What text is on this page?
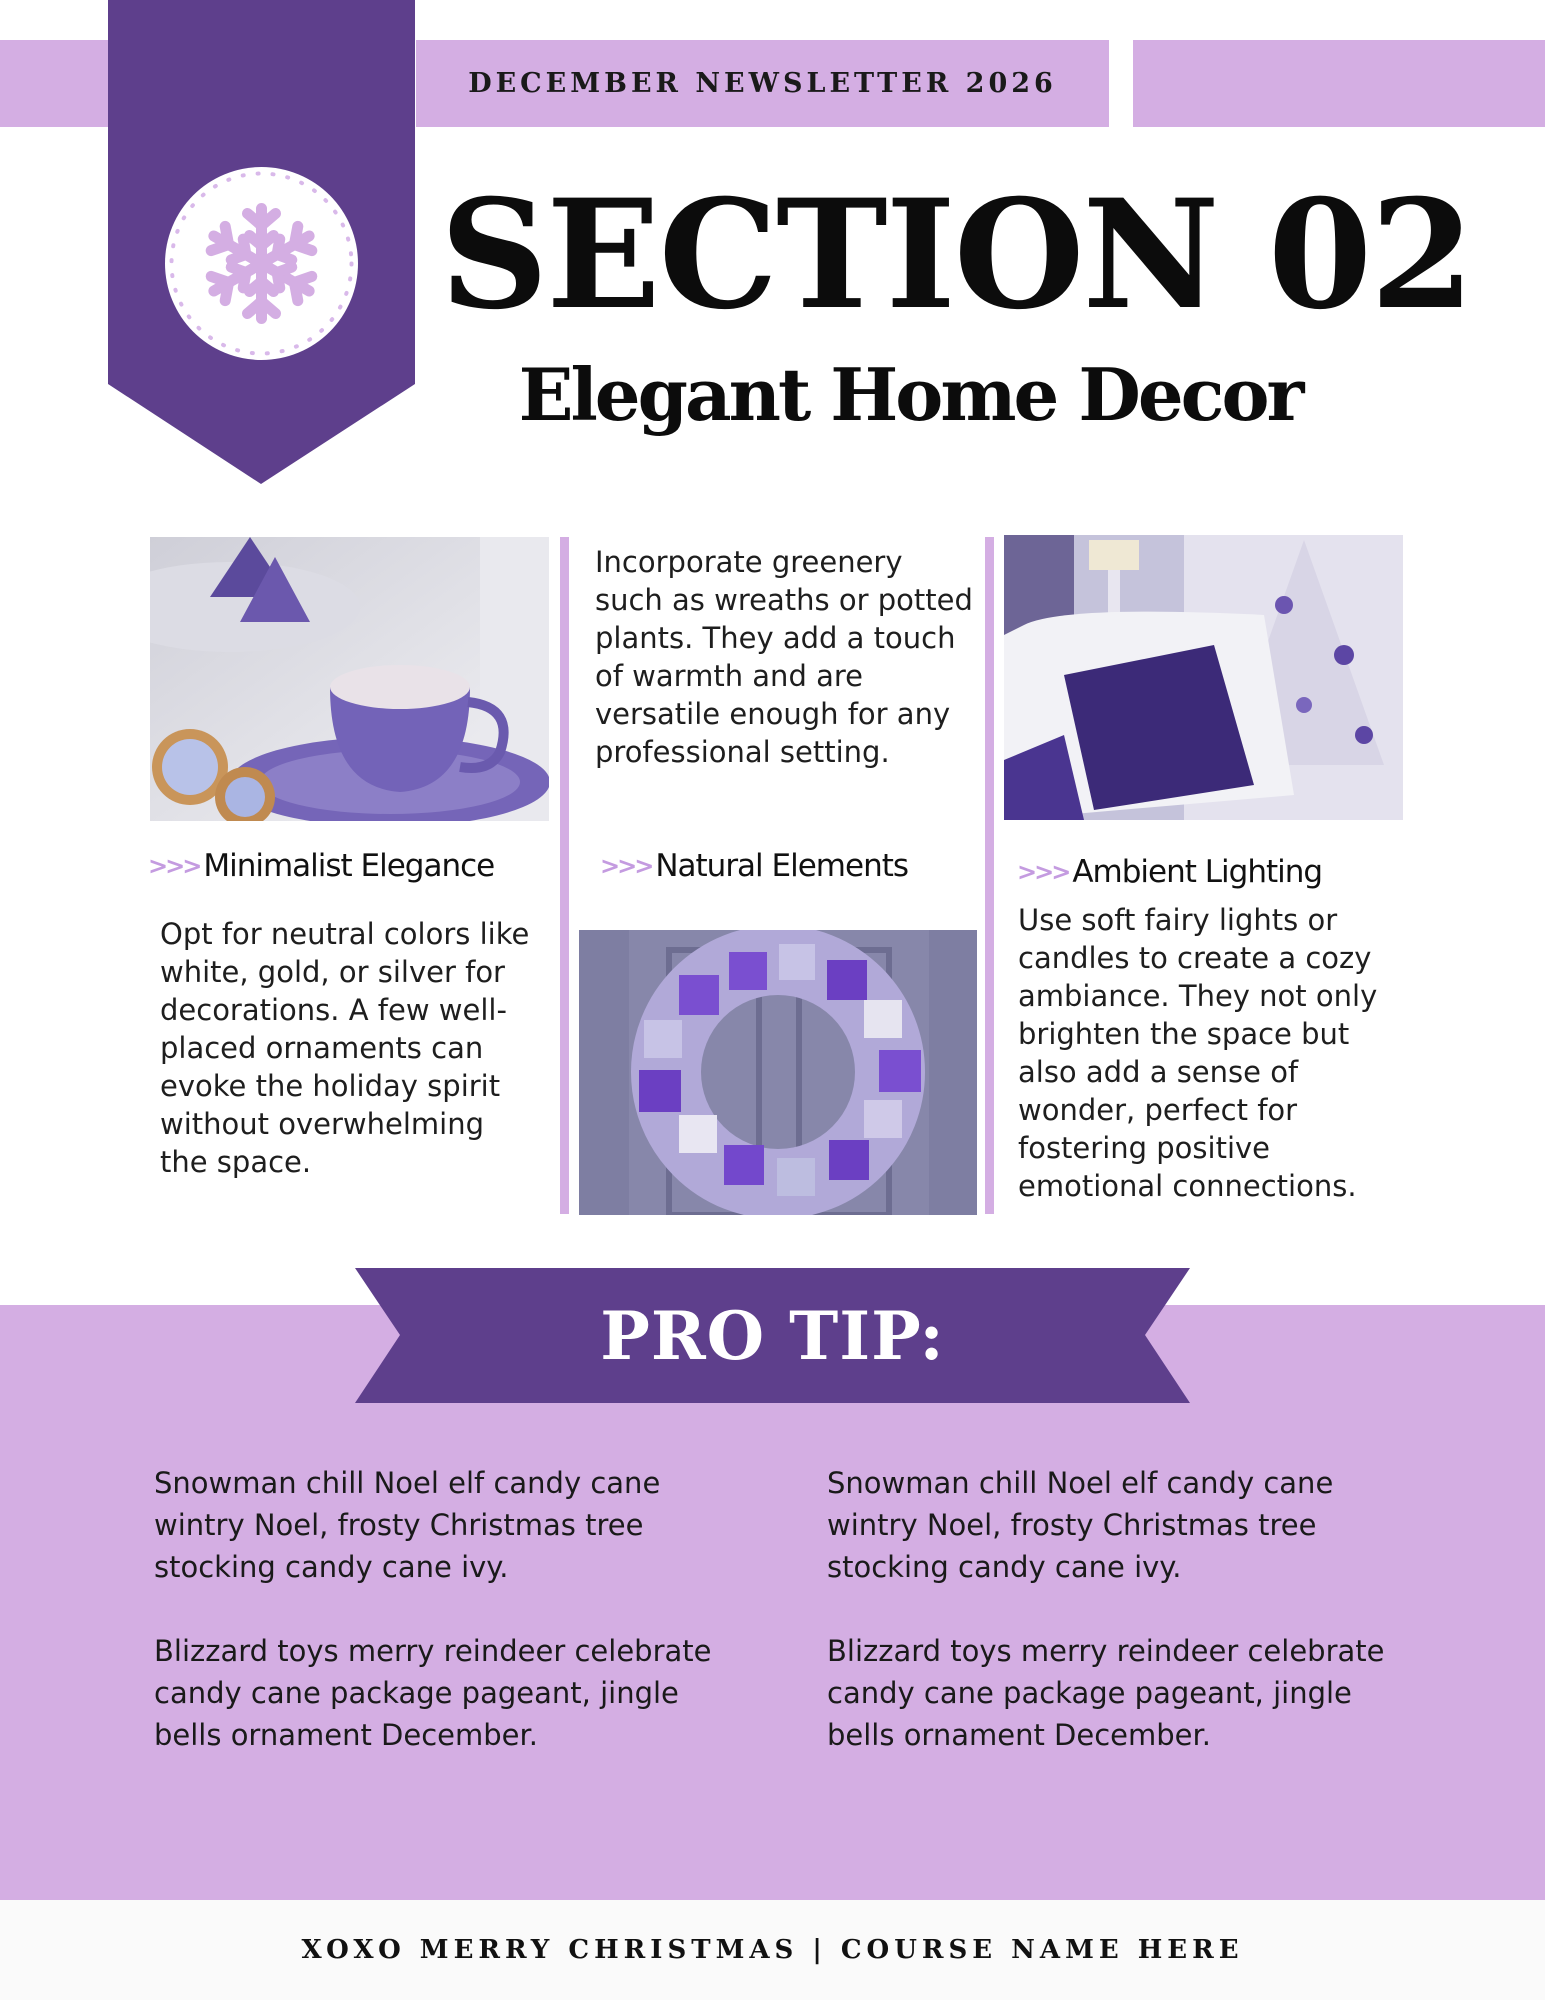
DECEMBER NEWSLETTER 2026
SECTION 02
Elegant Home Decor
>>> Minimalist Elegance	>>> Natural Elements	>>> Ambient Lighting
Opt for neutral colors like white, gold, or silver for decorations. A few well-placed ornaments can evoke the holiday spirit without overwhelming the space.
Incorporate greenery such as wreaths or potted plants. They add a touch of warmth and are versatile enough for any professional setting.
Use soft fairy lights or candles to create a cozy ambiance. They not only brighten the space but also add a sense of wonder, perfect for fostering positive emotional connections.
PRO TIP:

Snowman chill Noel elf candy cane wintry Noel, frosty Christmas tree stocking candy cane ivy.

Blizzard toys merry reindeer celebrate candy cane package pageant, jingle bells ornament December.

Snowman chill Noel elf candy cane wintry Noel, frosty Christmas tree stocking candy cane ivy.

Blizzard toys merry reindeer celebrate candy cane package pageant, jingle bells ornament December.

XOXO MERRY CHRISTMAS | COURSE NAME HERE
